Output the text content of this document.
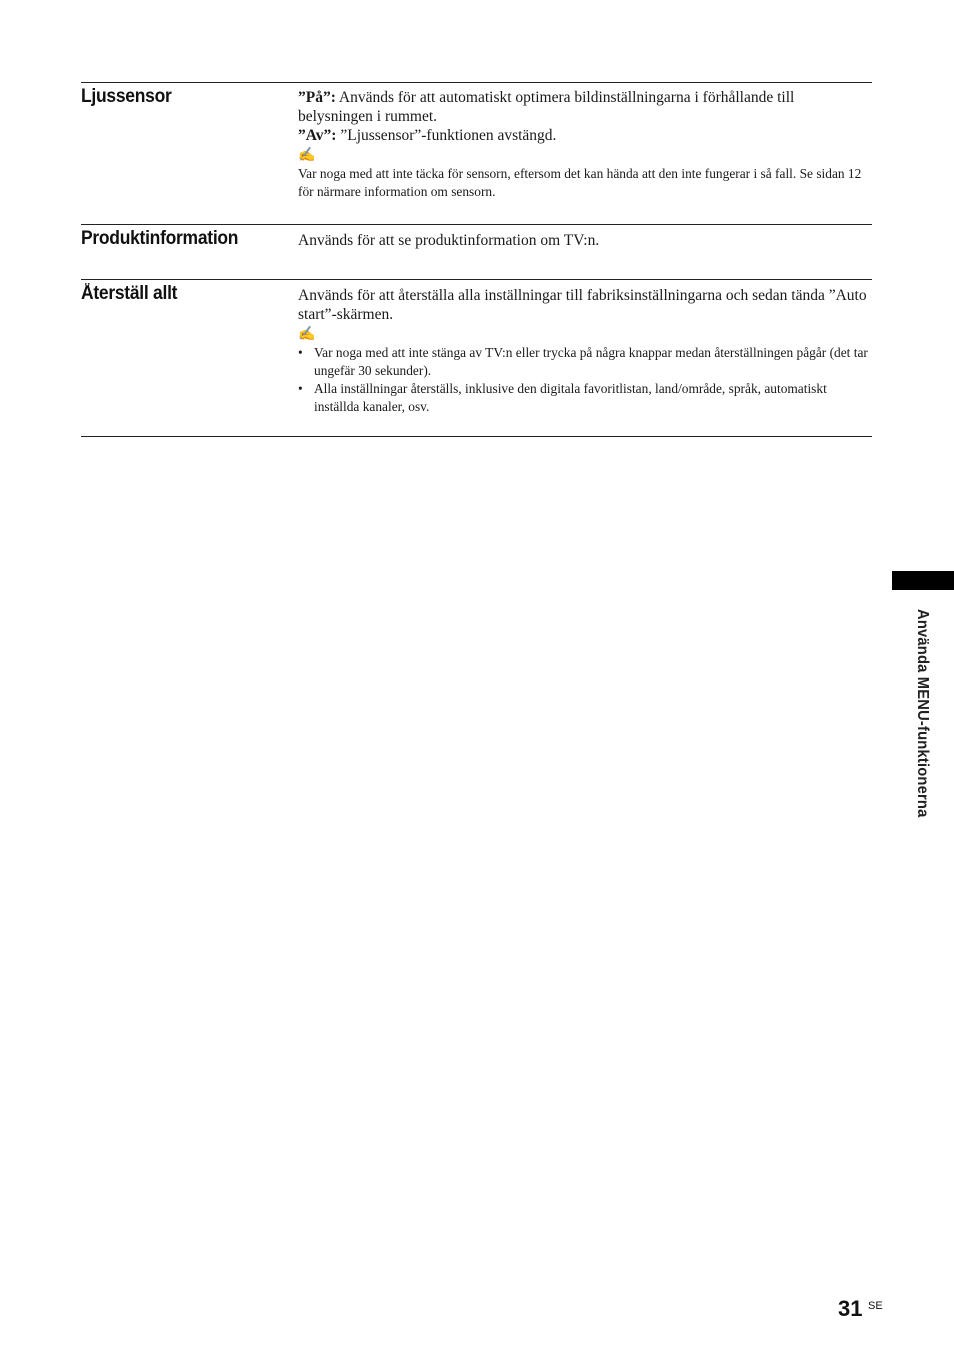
Ljussensor	”På”: Används för att automatiskt optimera bildinställningarna i förhållande till belysningen i rummet.

”Av”: ”Ljussensor”-funktionen avstängd.

✍

Var noga med att inte täcka för sensorn, eftersom det kan hända att den inte fungerar i så fall. Se sidan 12 för närmare information om sensorn.

Produktinformation	Används för att se produktinformation om TV:n.

Återställ allt	Används för att återställa alla inställningar till fabriksinställningarna och sedan tända ”Auto start”-skärmen.

✍

• Var noga med att inte stänga av TV:n eller trycka på några knappar medan återställningen pågår (det tar ungefär 30 sekunder).

• Alla inställningar återställs, inklusive den digitala favoritlistan, land/område, språk, automatiskt inställda kanaler, osv.

Använda MENU-funktionerna
31 SE
